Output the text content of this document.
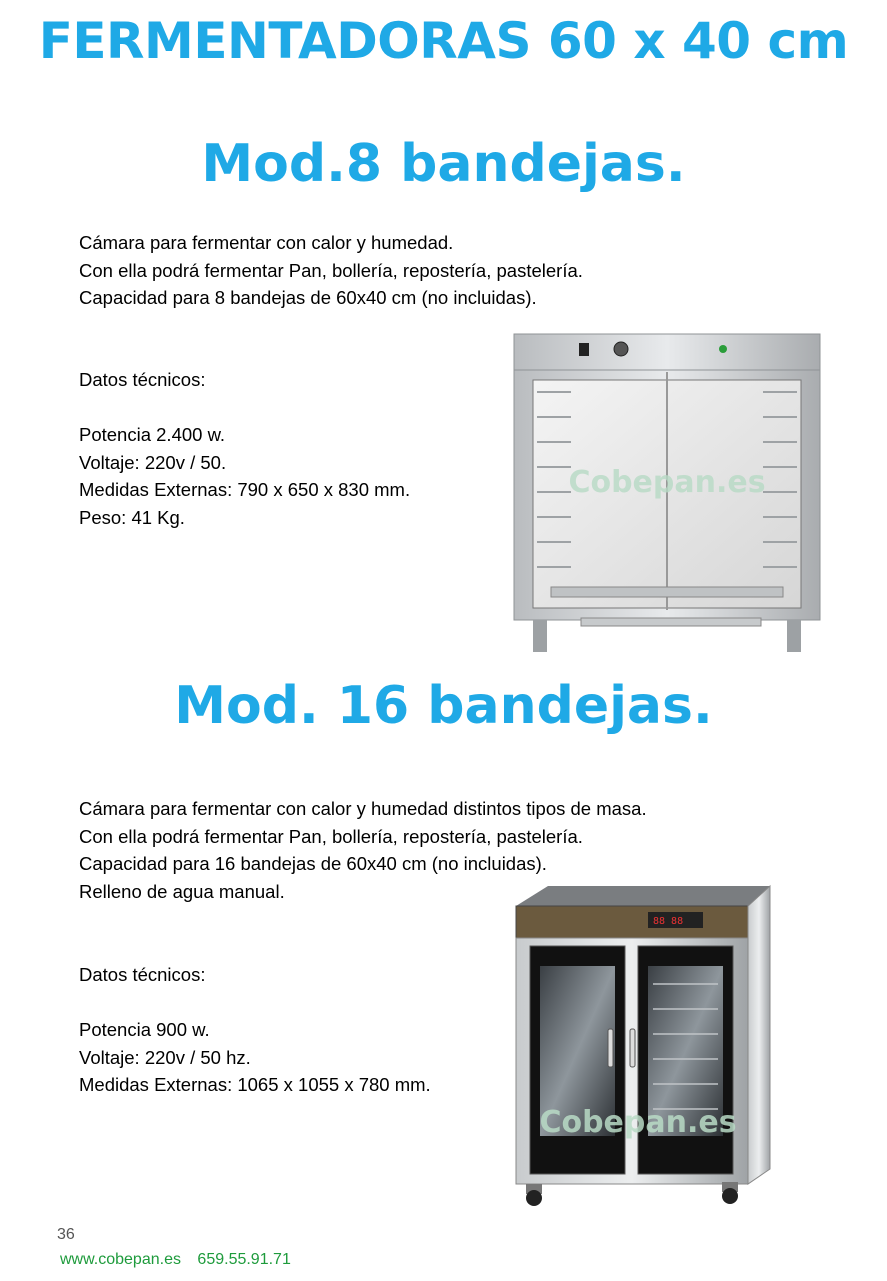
FERMENTADORAS 60 x 40 cm
Mod.8 bandejas.
Cámara para fermentar con calor y humedad.
Con ella podrá fermentar Pan, bollería, repostería, pastelería.
Capacidad para 8 bandejas de 60x40 cm (no incluidas).
Datos técnicos:
Potencia 2.400 w.
Voltaje: 220v / 50.
Medidas Externas: 790 x 650 x 830 mm.
Peso: 41 Kg.
Cobepan.es
Mod. 16 bandejas.
Cámara para fermentar con calor y humedad distintos tipos de masa.
Con ella podrá fermentar Pan, bollería, repostería, pastelería.
Capacidad para 16 bandejas de 60x40 cm (no incluidas).
Relleno de agua manual.
Datos técnicos:
Potencia 900 w.
Voltaje: 220v / 50 hz.
Medidas Externas: 1065 x 1055 x 780 mm.
88 88
Cobepan.es
36
www.cobepan.es 659.55.91.71
